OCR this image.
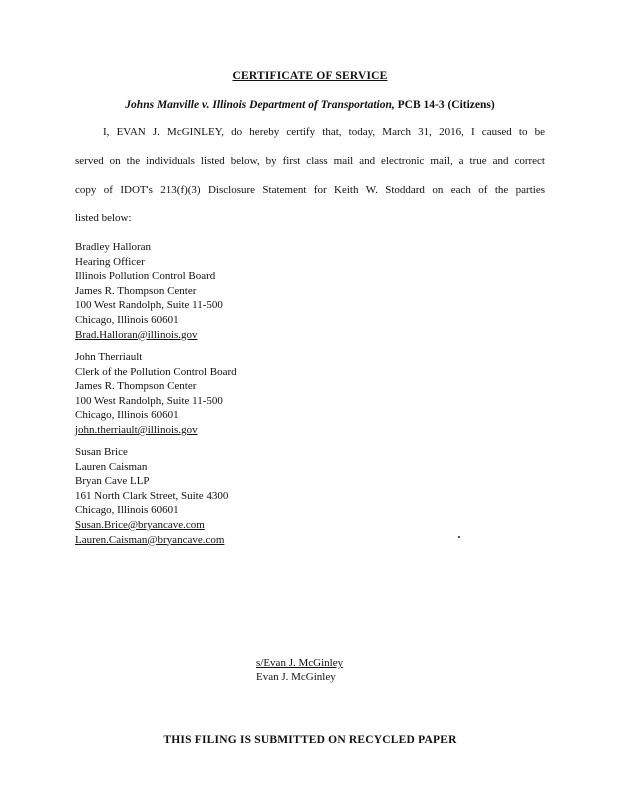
CERTIFICATE OF SERVICE
Johns Manville v. Illinois Department of Transportation, PCB 14-3 (Citizens)
I, EVAN J. McGINLEY, do hereby certify that, today, March 31, 2016, I caused to be
served on the individuals listed below, by first class mail and electronic mail, a true and correct
copy of IDOT's 213(f)(3) Disclosure Statement for Keith W. Stoddard on each of the parties
listed below:
Bradley Halloran
Hearing Officer
Illinois Pollution Control Board
James R. Thompson Center
100 West Randolph, Suite 11-500
Chicago, Illinois 60601
Brad.Halloran@illinois.gov
John Therriault
Clerk of the Pollution Control Board
James R. Thompson Center
100 West Randolph, Suite 11-500
Chicago, Illinois 60601
john.therriault@illinois.gov
Susan Brice
Lauren Caisman
Bryan Cave LLP
161 North Clark Street, Suite 4300
Chicago, Illinois 60601
Susan.Brice@bryancave.com
Lauren.Caisman@bryancave.com
s/Evan J. McGinley
Evan J. McGinley
THIS FILING IS SUBMITTED ON RECYCLED PAPER
